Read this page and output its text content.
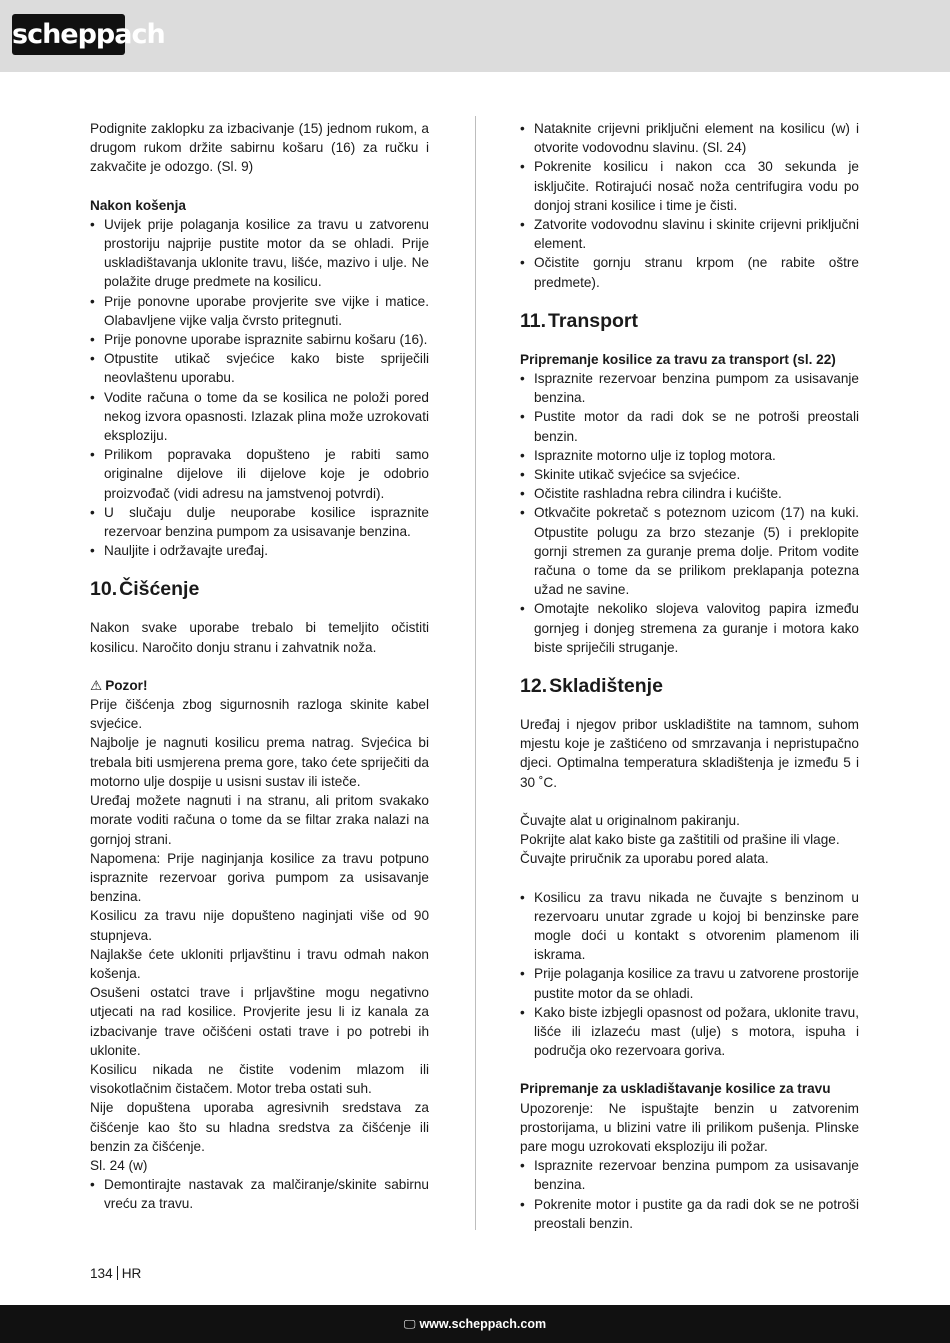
scheppach

Podignite zaklopku za izbacivanje (15) jednom rukom, a drugom rukom držite sabirnu košaru (16) za ručku i zakvačite je odozgo. (Sl. 9)

Nakon košenja

• Uvijek prije polaganja kosilice za travu u zatvorenu prostoriju najprije pustite motor da se ohladi. Prije uskladištavanja uklonite travu, lišće, mazivo i ulje. Ne polažite druge predmete na kosilicu.
• Prije ponovne uporabe provjerite sve vijke i matice. Olabavljene vijke valja čvrsto pritegnuti.
• Prije ponovne uporabe ispraznite sabirnu košaru (16).
• Otpustite utikač svjećice kako biste spriječili neovlaštenu uporabu.
• Vodite računa o tome da se kosilica ne položi pored nekog izvora opasnosti. Izlazak plina može uzrokovati eksploziju.
• Prilikom popravaka dopušteno je rabiti samo originalne dijelove ili dijelove koje je odobrio proizvođač (vidi adresu na jamstvenoj potvrdi).
• U slučaju dulje neuporabe kosilice ispraznite rezervoar benzina pumpom za usisavanje benzina.
• Nauljite i održavajte uređaj.
10. Čišćenje

Nakon svake uporabe trebalo bi temeljito očistiti kosilicu. Naročito donju stranu i zahvatnik noža.

⚠ Pozor!

Prije čišćenja zbog sigurnosnih razloga skinite kabel svjećice.

Najbolje je nagnuti kosilicu prema natrag. Svjećica bi trebala biti usmjerena prema gore, tako ćete spriječiti da motorno ulje dospije u usisni sustav ili isteče.

Uređaj možete nagnuti i na stranu, ali pritom svakako morate voditi računa o tome da se filtar zraka nalazi na gornjoj strani.

Napomena: Prije naginjanja kosilice za travu potpuno ispraznite rezervoar goriva pumpom za usisavanje benzina.

Kosilicu za travu nije dopušteno naginjati više od 90 stupnjeva.

Najlakše ćete ukloniti prljavštinu i travu odmah nakon košenja.

Osušeni ostatci trave i prljavštine mogu negativno utjecati na rad kosilice. Provjerite jesu li iz kanala za izbacivanje trave očišćeni ostati trave i po potrebi ih uklonite.

Kosilicu nikada ne čistite vodenim mlazom ili visokotlačnim čistačem. Motor treba ostati suh.

Nije dopuštena uporaba agresivnih sredstava za čišćenje kao što su hladna sredstva za čišćenje ili benzin za čišćenje.

Sl. 24 (w)

• Demontirajte nastavak za malčiranje/skinite sabirnu vreću za travu.
• Nataknite crijevni priključni element na kosilicu (w) i otvorite vodovodnu slavinu. (Sl. 24)
• Pokrenite kosilicu i nakon cca 30 sekunda je isključite. Rotirajući nosač noža centrifugira vodu po donjoj strani kosilice i time je čisti.
• Zatvorite vodovodnu slavinu i skinite crijevni priključni element.
• Očistite gornju stranu krpom (ne rabite oštre predmete).
11. Transport

Pripremanje kosilice za travu za transport (sl. 22)

• Ispraznite rezervoar benzina pumpom za usisavanje benzina.
• Pustite motor da radi dok se ne potroši preostali benzin.
• Ispraznite motorno ulje iz toplog motora.
• Skinite utikač svjećice sa svjećice.
• Očistite rashladna rebra cilindra i kućište.
• Otkvačite pokretač s poteznom uzicom (17) na kuki. Otpustite polugu za brzo stezanje (5) i preklopite gornji stremen za guranje prema dolje. Pritom vodite računa o tome da se prilikom preklapanja potezna užad ne savine.
• Omotajte nekoliko slojeva valovitog papira između gornjeg i donjeg stremena za guranje i motora kako biste spriječili struganje.
12. Skladištenje

Uređaj i njegov pribor uskladištite na tamnom, suhom mjestu koje je zaštićeno od smrzavanja i nepristupačno djeci. Optimalna temperatura skladištenja je između 5 i 30 ˚C.

Čuvajte alat u originalnom pakiranju.

Pokrijte alat kako biste ga zaštitili od prašine ili vlage.

Čuvajte priručnik za uporabu pored alata.

• Kosilicu za travu nikada ne čuvajte s benzinom u rezervoaru unutar zgrade u kojoj bi benzinske pare mogle doći u kontakt s otvorenim plamenom ili iskrama.
• Prije polaganja kosilice za travu u zatvorene prostorije pustite motor da se ohladi.
• Kako biste izbjegli opasnost od požara, uklonite travu, lišće ili izlazeću mast (ulje) s motora, ispuha i područja oko rezervoara goriva.

Pripremanje za uskladištavanje kosilice za travu

Upozorenje: Ne ispuštajte benzin u zatvorenim prostorijama, u blizini vatre ili prilikom pušenja. Plinske pare mogu uzrokovati eksploziju ili požar.

• Ispraznite rezervoar benzina pumpom za usisavanje benzina.
• Pokrenite motor i pustite ga da radi dok se ne potroši preostali benzin.
134 HR
🖵 www.scheppach.com
